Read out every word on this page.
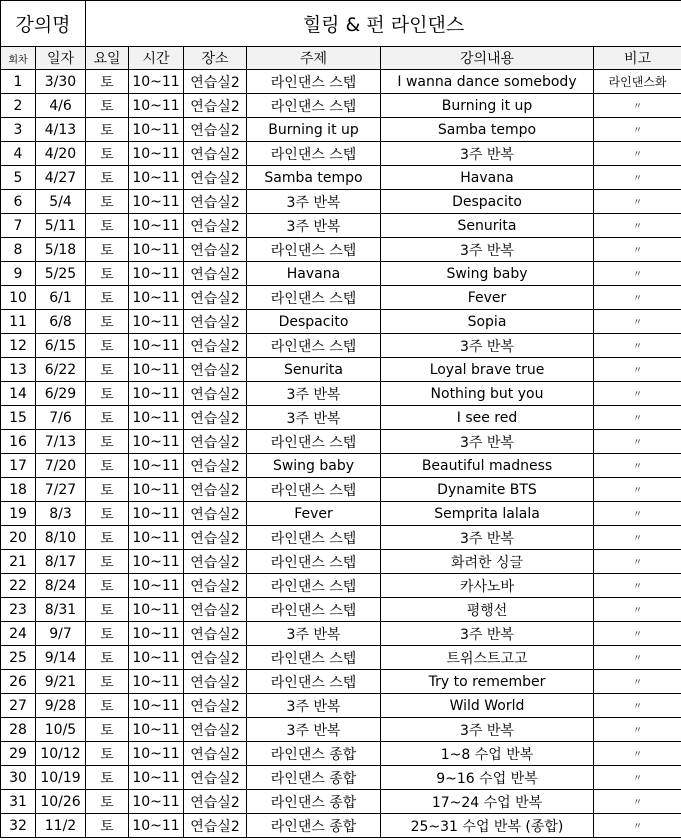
강의명		힐링 & 펀 라인댄스					
회차	일자	요일	시간	장소	주제	강의내용	비고
1	3/30	토	10~11	연습실2	라인댄스 스텝	I wanna dance somebody	라인댄스화
2	4/6	토	10~11	연습실2	라인댄스 스텝	Burning it up	〃
3	4/13	토	10~11	연습실2	Burning it up	Samba tempo	〃
4	4/20	토	10~11	연습실2	라인댄스 스텝	3주 반복	〃
5	4/27	토	10~11	연습실2	Samba tempo	Havana	〃
6	5/4	토	10~11	연습실2	3주 반복	Despacito	〃
7	5/11	토	10~11	연습실2	3주 반복	Senurita	〃
8	5/18	토	10~11	연습실2	라인댄스 스텝	3주 반복	〃
9	5/25	토	10~11	연습실2	Havana	Swing baby	〃
10	6/1	토	10~11	연습실2	라인댄스 스텝	Fever	〃
11	6/8	토	10~11	연습실2	Despacito	Sopia	〃
12	6/15	토	10~11	연습실2	라인댄스 스텝	3주 반복	〃
13	6/22	토	10~11	연습실2	Senurita	Loyal brave true	〃
14	6/29	토	10~11	연습실2	3주 반복	Nothing but you	〃
15	7/6	토	10~11	연습실2	3주 반복	I see red	〃
16	7/13	토	10~11	연습실2	라인댄스 스텝	3주 반복	〃
17	7/20	토	10~11	연습실2	Swing baby	Beautiful madness	〃
18	7/27	토	10~11	연습실2	라인댄스 스텝	Dynamite BTS	〃
19	8/3	토	10~11	연습실2	Fever	Semprita lalala	〃
20	8/10	토	10~11	연습실2	라인댄스 스텝	3주 반복	〃
21	8/17	토	10~11	연습실2	라인댄스 스텝	화려한 싱글	〃
22	8/24	토	10~11	연습실2	라인댄스 스텝	카사노바	〃
23	8/31	토	10~11	연습실2	라인댄스 스텝	평행선	〃
24	9/7	토	10~11	연습실2	3주 반복	3주 반복	〃
25	9/14	토	10~11	연습실2	라인댄스 스텝	트위스트고고	〃
26	9/21	토	10~11	연습실2	라인댄스 스텝	Try to remember	〃
27	9/28	토	10~11	연습실2	3주 반복	Wild World	〃
28	10/5	토	10~11	연습실2	3주 반복	3주 반복	〃
29	10/12	토	10~11	연습실2	라인댄스 종합	1~8 수업 반복	〃
30	10/19	토	10~11	연습실2	라인댄스 종합	9~16 수업 반복	〃
31	10/26	토	10~11	연습실2	라인댄스 종합	17~24 수업 반복	〃
32	11/2	토	10~11	연습실2	라인댄스 종합	25~31 수업 반복 (종합)	〃
